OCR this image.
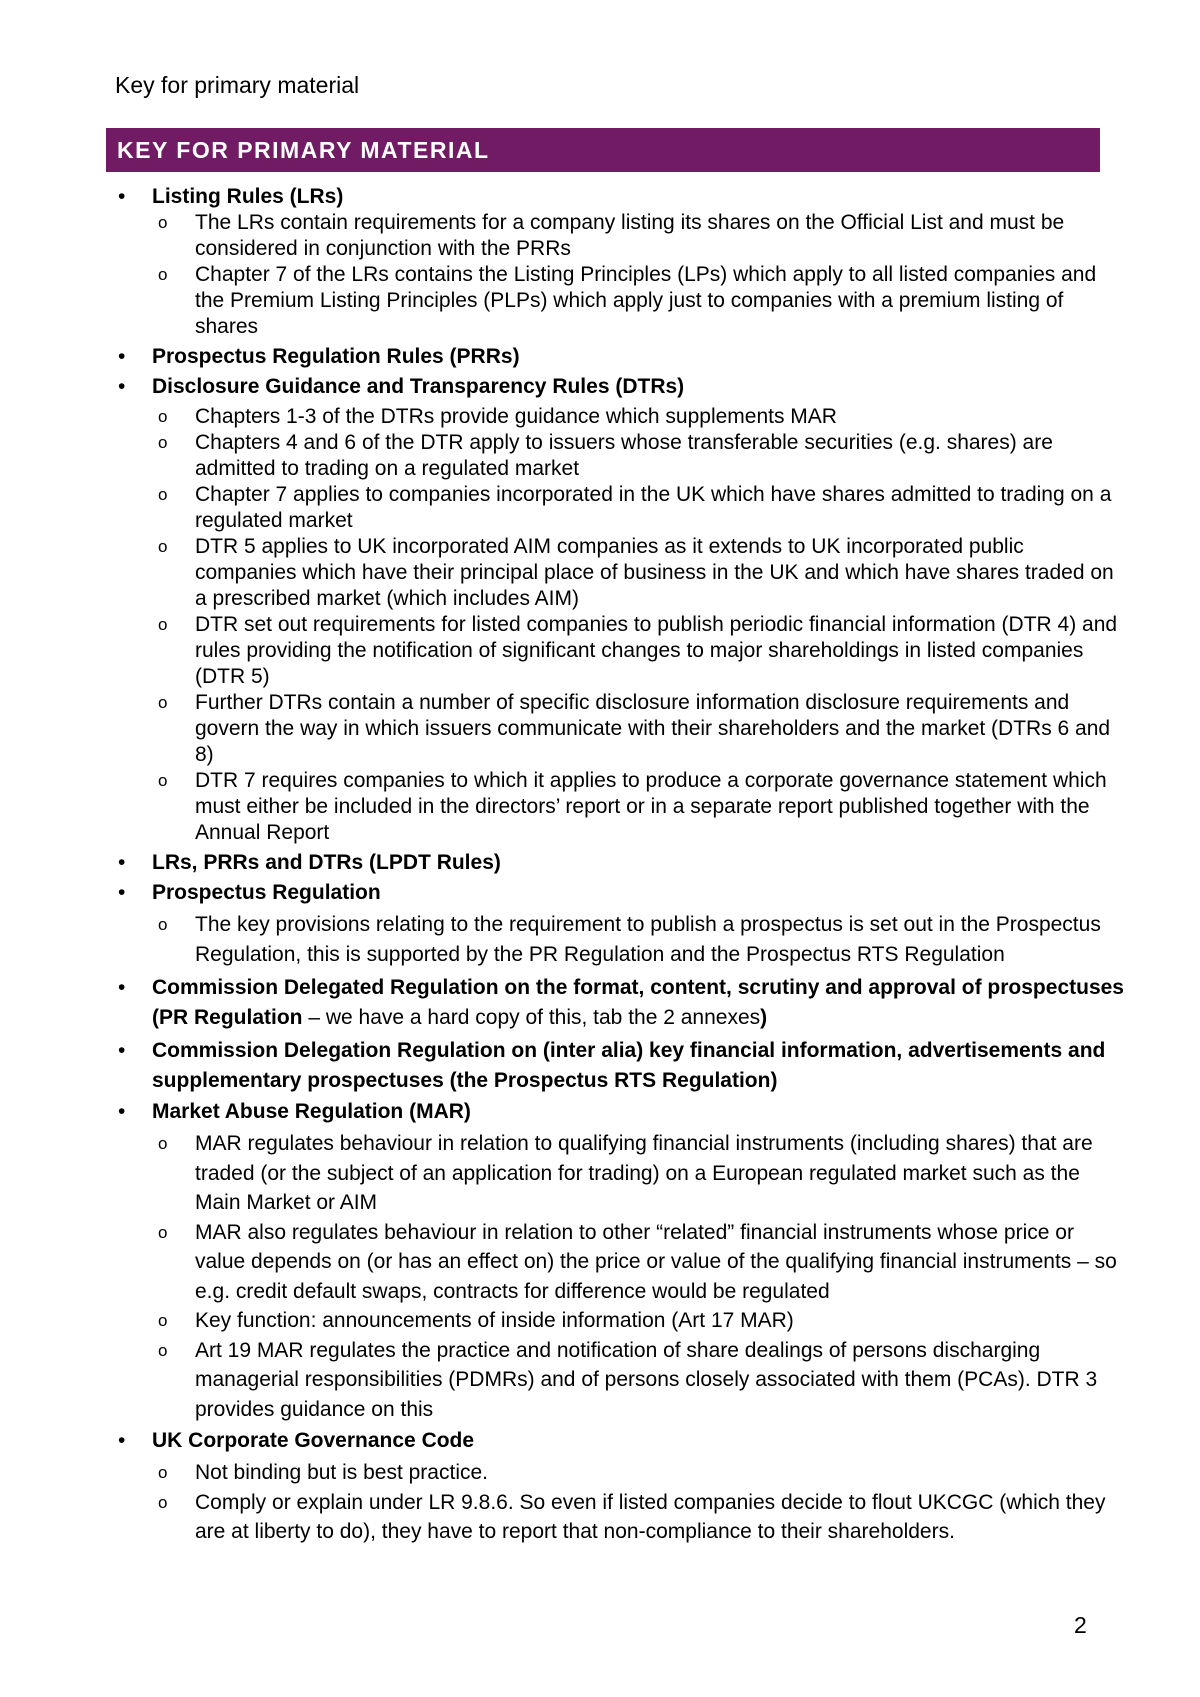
Key for primary material
KEY FOR PRIMARY MATERIAL
•	Listing Rules (LRs)
o	The LRs contain requirements for a company listing its shares on the Official List and must be considered in conjunction with the PRRs
o	Chapter 7 of the LRs contains the Listing Principles (LPs) which apply to all listed companies and the Premium Listing Principles (PLPs) which apply just to companies with a premium listing of shares
•	Prospectus Regulation Rules (PRRs)
•	Disclosure Guidance and Transparency Rules (DTRs)
o	Chapters 1-3 of the DTRs provide guidance which supplements MAR
o	Chapters 4 and 6 of the DTR apply to issuers whose transferable securities (e.g. shares) are admitted to trading on a regulated market
o	Chapter 7 applies to companies incorporated in the UK which have shares admitted to trading on a regulated market
o	DTR 5 applies to UK incorporated AIM companies as it extends to UK incorporated public companies which have their principal place of business in the UK and which have shares traded on a prescribed market (which includes AIM)
o	DTR set out requirements for listed companies to publish periodic financial information (DTR 4) and rules providing the notification of significant changes to major shareholdings in listed companies (DTR 5)
o	Further DTRs contain a number of specific disclosure information disclosure requirements and govern the way in which issuers communicate with their shareholders and the market (DTRs 6 and 8)
o	DTR 7 requires companies to which it applies to produce a corporate governance statement which must either be included in the directors’ report or in a separate report published together with the Annual Report
•	LRs, PRRs and DTRs (LPDT Rules)
•	Prospectus Regulation
o	The key provisions relating to the requirement to publish a prospectus is set out in the Prospectus Regulation, this is supported by the PR Regulation and the Prospectus RTS Regulation
•	Commission Delegated Regulation on the format, content, scrutiny and approval of prospectuses (PR Regulation – we have a hard copy of this, tab the 2 annexes)
•	Commission Delegation Regulation on (inter alia) key financial information, advertisements and supplementary prospectuses (the Prospectus RTS Regulation)
•	Market Abuse Regulation (MAR)
o	MAR regulates behaviour in relation to qualifying financial instruments (including shares) that are traded (or the subject of an application for trading) on a European regulated market such as the Main Market or AIM
o	MAR also regulates behaviour in relation to other “related” financial instruments whose price or value depends on (or has an effect on) the price or value of the qualifying financial instruments – so e.g. credit default swaps, contracts for difference would be regulated
o	Key function: announcements of inside information (Art 17 MAR)
o	Art 19 MAR regulates the practice and notification of share dealings of persons discharging managerial responsibilities (PDMRs) and of persons closely associated with them (PCAs). DTR 3 provides guidance on this
•	UK Corporate Governance Code
o	Not binding but is best practice.
o	Comply or explain under LR 9.8.6. So even if listed companies decide to flout UKCGC (which they are at liberty to do), they have to report that non-compliance to their shareholders.

2
